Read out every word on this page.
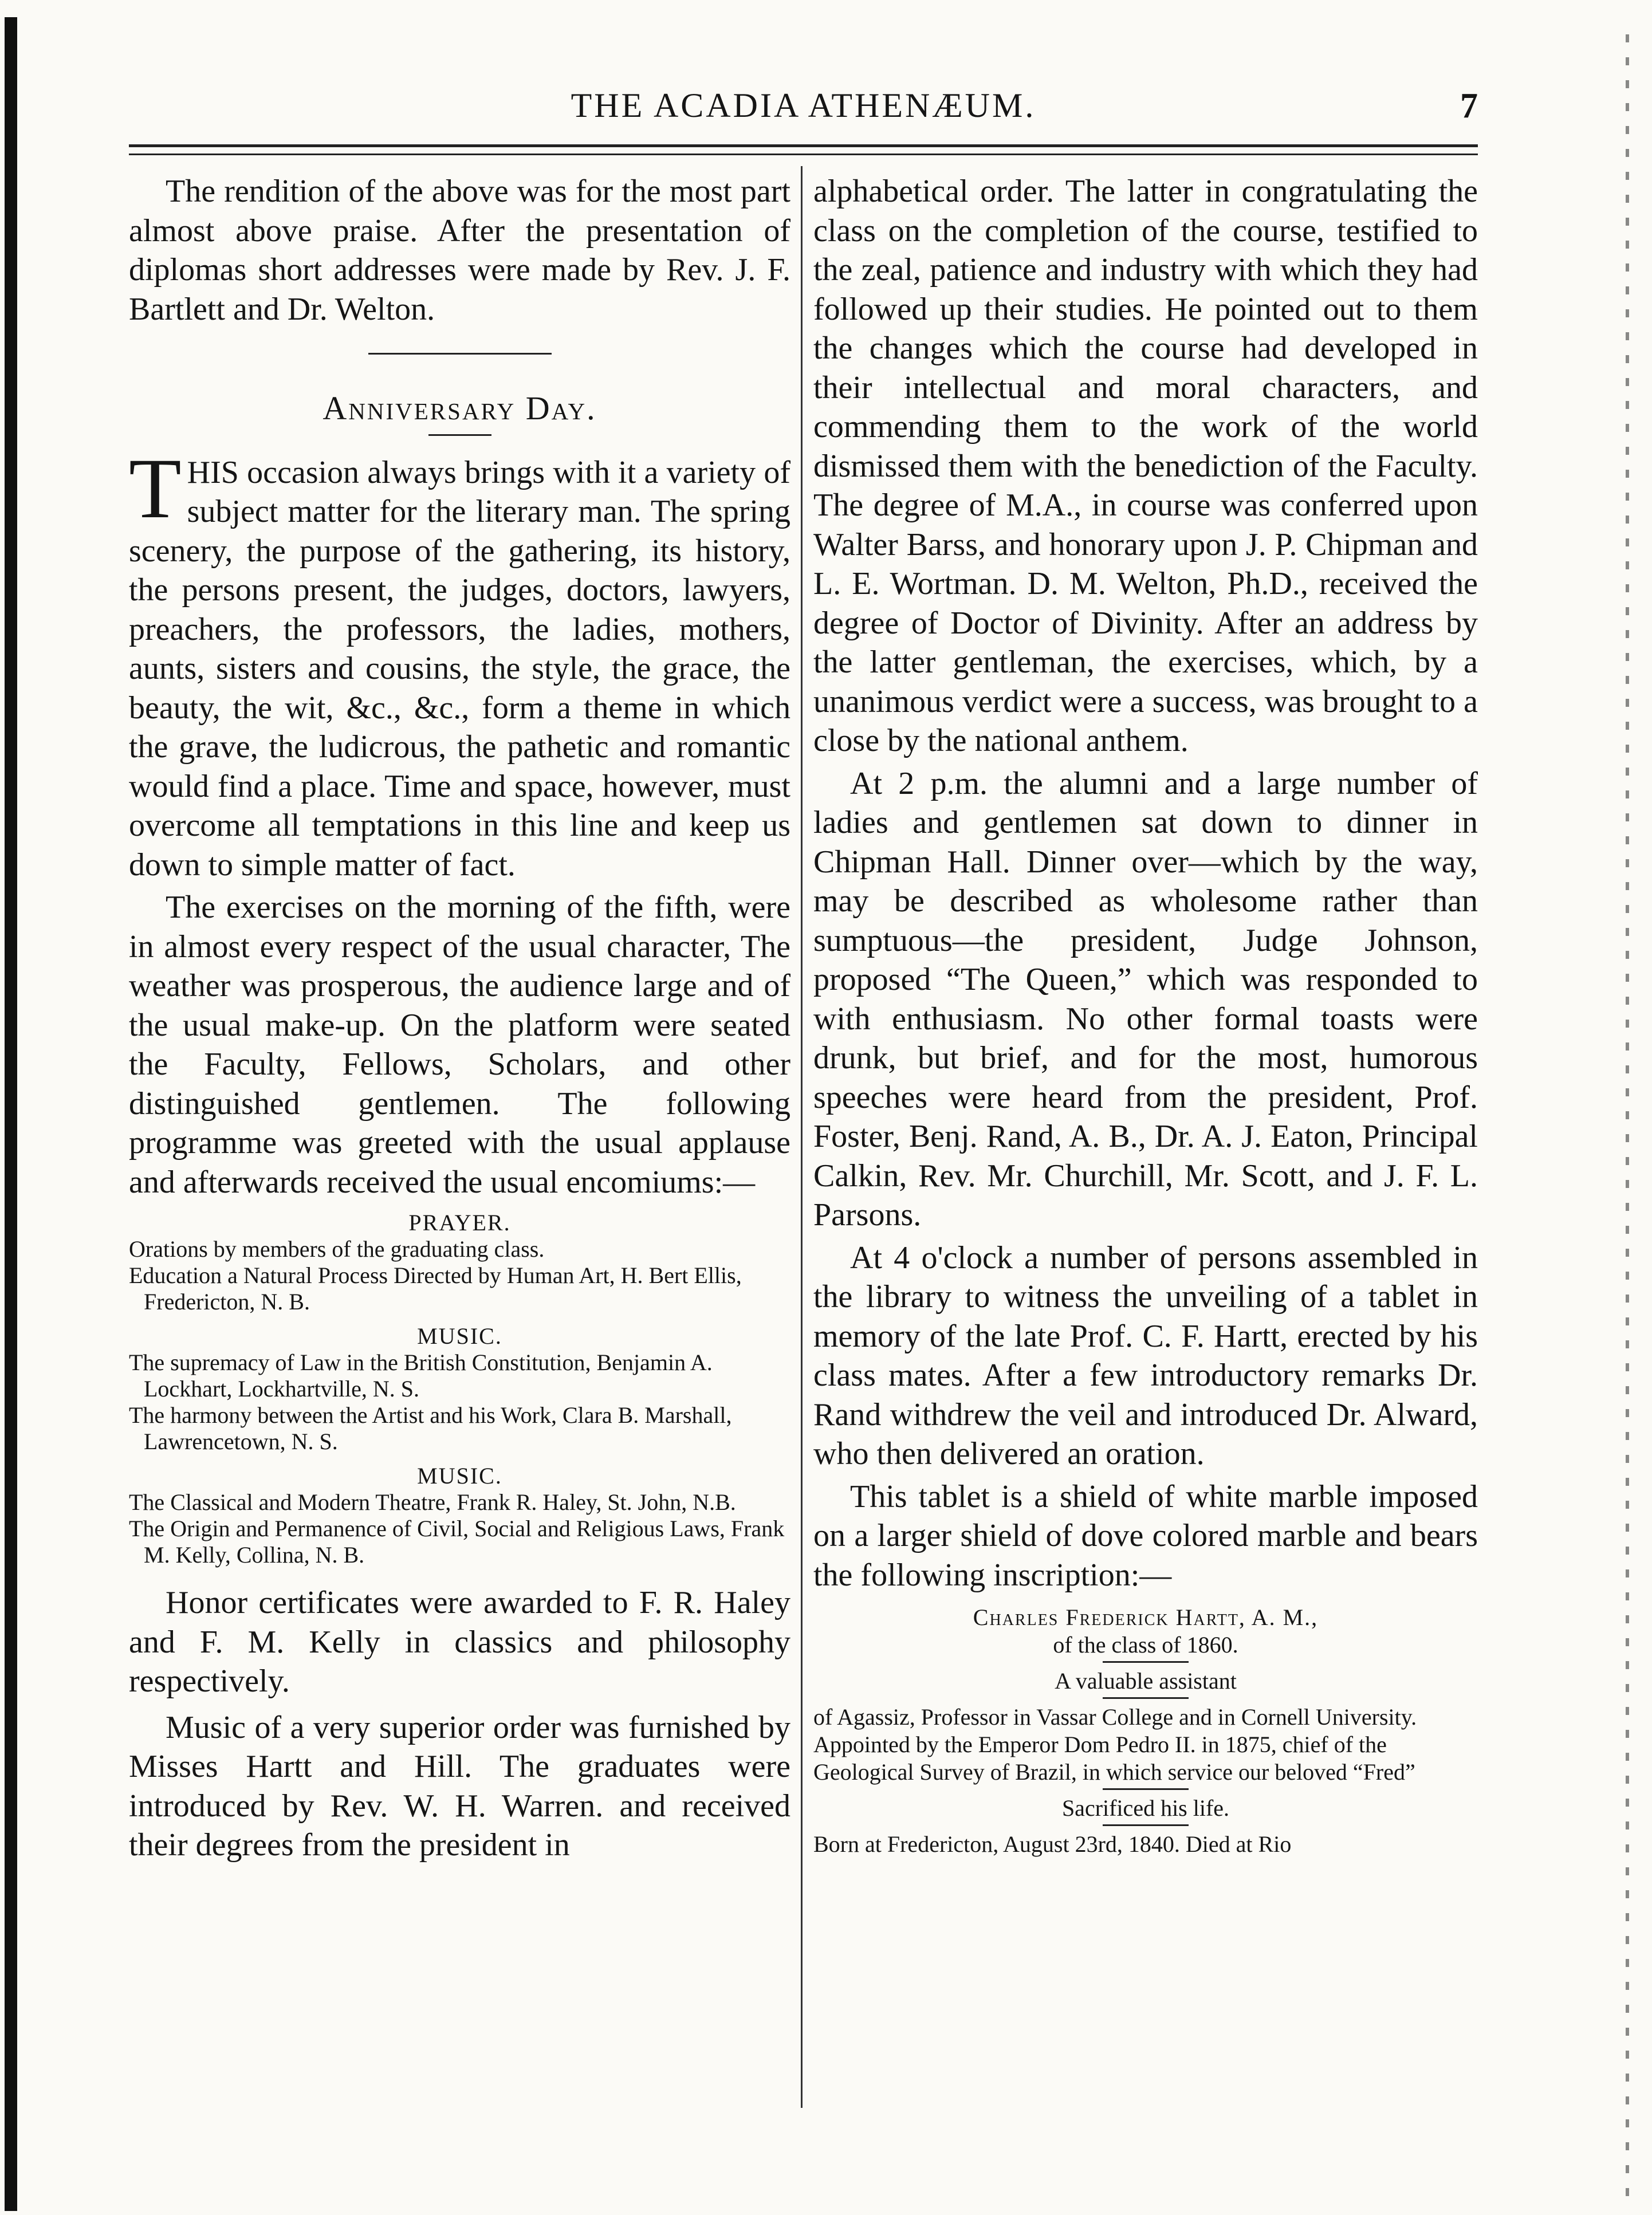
THE ACADIA ATHENÆUM.	7

The rendition of the above was for the most part almost above praise. After the presentation of diplomas short addresses were made by Rev. J. F. Bartlett and Dr. Welton.

Anniversary Day.

THIS occasion always brings with it a variety of subject matter for the literary man. The spring scenery, the purpose of the gathering, its history, the persons present, the judges, doctors, lawyers, preachers, the professors, the ladies, mothers, aunts, sisters and cousins, the style, the grace, the beauty, the wit, &c., &c., form a theme in which the grave, the ludicrous, the pathetic and romantic would find a place. Time and space, however, must overcome all temptations in this line and keep us down to simple matter of fact.

The exercises on the morning of the fifth, were in almost every respect of the usual character, The weather was prosperous, the audience large and of the usual make-up. On the platform were seated the Faculty, Fellows, Scholars, and other distinguished gentlemen. The following programme was greeted with the usual applause and afterwards received the usual encomiums:—

PRAYER.
Orations by members of the graduating class.
Education a Natural Process Directed by Human Art, H. Bert Ellis, Fredericton, N. B.
MUSIC.
The supremacy of Law in the British Constitution, Benjamin A. Lockhart, Lockhartville, N. S.
The harmony between the Artist and his Work, Clara B. Marshall, Lawrencetown, N. S.
MUSIC.
The Classical and Modern Theatre, Frank R. Haley, St. John, N.B.
The Origin and Permanence of Civil, Social and Religious Laws, Frank M. Kelly, Collina, N. B.

Honor certificates were awarded to F. R. Haley and F. M. Kelly in classics and philosophy respectively.

Music of a very superior order was furnished by Misses Hartt and Hill. The graduates were introduced by Rev. W. H. Warren. and received their degrees from the president in

alphabetical order. The latter in congratulating the class on the completion of the course, testified to the zeal, patience and industry with which they had followed up their studies. He pointed out to them the changes which the course had developed in their intellectual and moral characters, and commending them to the work of the world dismissed them with the benediction of the Faculty. The degree of M.A., in course was conferred upon Walter Barss, and honorary upon J. P. Chipman and L. E. Wortman. D. M. Welton, Ph.D., received the degree of Doctor of Divinity. After an address by the latter gentleman, the exercises, which, by a unanimous verdict were a success, was brought to a close by the national anthem.

At 2 p.m. the alumni and a large number of ladies and gentlemen sat down to dinner in Chipman Hall. Dinner over—which by the way, may be described as wholesome rather than sumptuous—the president, Judge Johnson, proposed “The Queen,” which was responded to with enthusiasm. No other formal toasts were drunk, but brief, and for the most, humorous speeches were heard from the president, Prof. Foster, Benj. Rand, A. B., Dr. A. J. Eaton, Principal Calkin, Rev. Mr. Churchill, Mr. Scott, and J. F. L. Parsons.

At 4 o'clock a number of persons assembled in the library to witness the unveiling of a tablet in memory of the late Prof. C. F. Hartt, erected by his class mates. After a few introductory remarks Dr. Rand withdrew the veil and introduced Dr. Alward, who then delivered an oration.

This tablet is a shield of white marble imposed on a larger shield of dove colored marble and bears the following inscription:—

Charles Frederick Hartt, A. M.,
of the class of 1860.
A valuable assistant
of Agassiz, Professor in Vassar College and in Cornell University. Appointed by the Emperor Dom Pedro II. in 1875, chief of the Geological Survey of Brazil, in which service our beloved “Fred”
Sacrificed his life.
Born at Fredericton, August 23rd, 1840. Died at Rio
